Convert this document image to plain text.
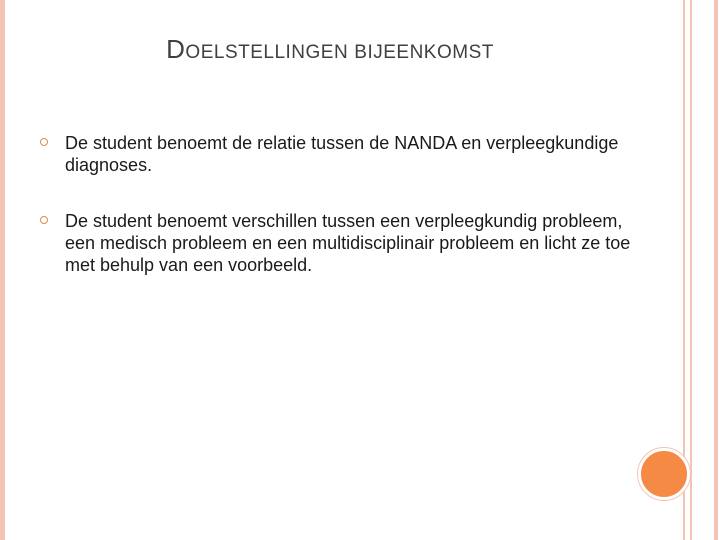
DOELSTELLINGEN BIJEENKOMST
De student benoemt de relatie tussen de NANDA en verpleegkundige diagnoses.
De student benoemt verschillen tussen een verpleegkundig probleem, een medisch probleem en een multidisciplinair probleem en licht ze toe met behulp van een voorbeeld.
